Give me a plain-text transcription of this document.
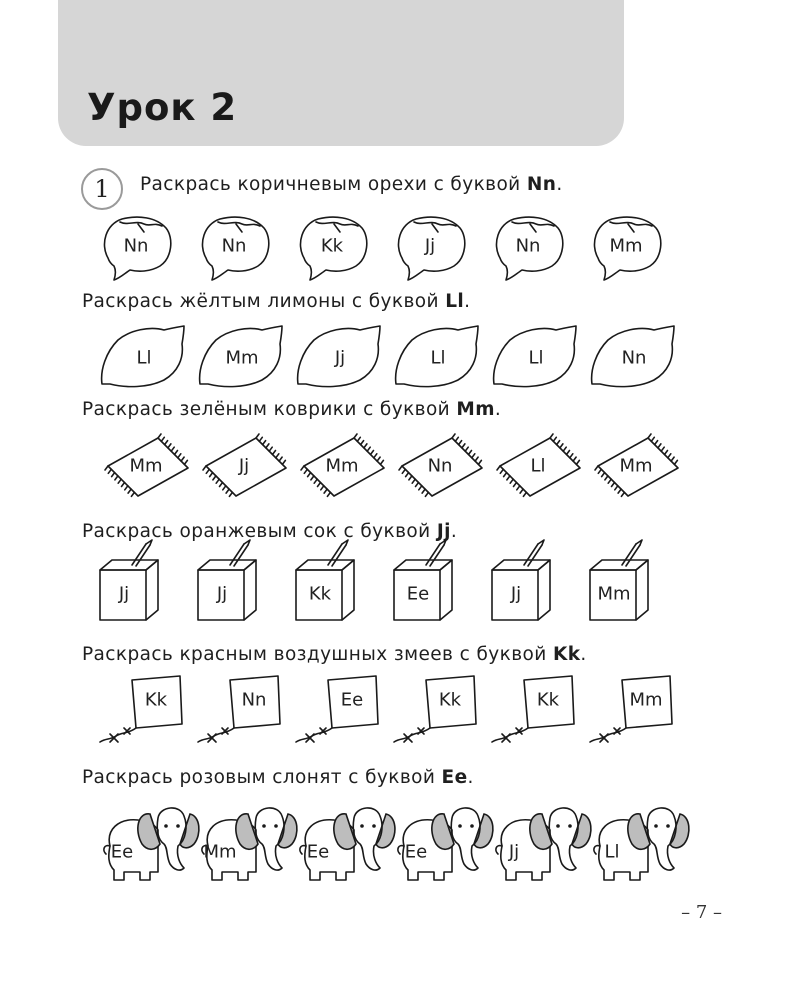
Урок 2
1 Раскрась коричневым орехи с буквой Nn.

Nn	Nn	Kk	Jj	Nn	Mm

Раскрась жёлтым лимоны с буквой Ll.

Ll	Mm	Jj	Ll	Ll	Nn

Раскрась зелёным коврики с буквой Mm.

Mm	Jj	Mm	Nn	Ll	Mm

Раскрась оранжевым сок с буквой Jj.

Jj	Jj	Kk	Ee	Jj	Mm

Раскрась красным воздушных змеев с буквой Kk.

Kk	Nn	Ee	Kk	Kk	Mm

Раскрась розовым слонят с буквой Ee.

Ee	Mm	Ee	Ee	Jj	Ll

– 7 –
